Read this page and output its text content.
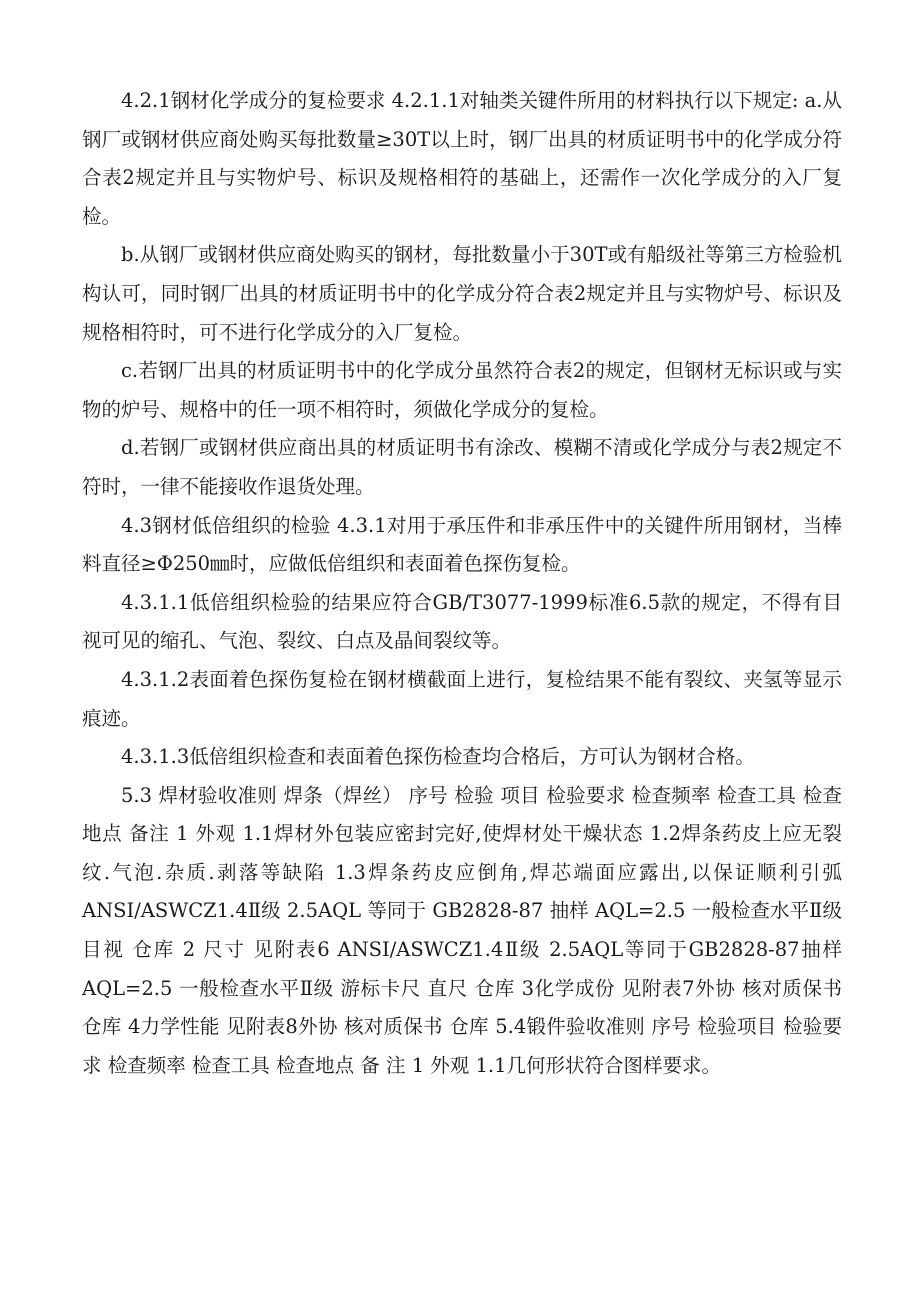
4.2.1钢材化学成分的复检要求 4.2.1.1对轴类关键件所用的材料执行以下规定: a.从钢厂或钢材供应商处购买每批数量≥30T以上时，钢厂出具的材质证明书中的化学成分符合表2规定并且与实物炉号、标识及规格相符的基础上，还需作一次化学成分的入厂复检。

b.从钢厂或钢材供应商处购买的钢材，每批数量小于30T或有船级社等第三方检验机构认可，同时钢厂出具的材质证明书中的化学成分符合表2规定并且与实物炉号、标识及规格相符时，可不进行化学成分的入厂复检。

c.若钢厂出具的材质证明书中的化学成分虽然符合表2的规定，但钢材无标识或与实物的炉号、规格中的任一项不相符时，须做化学成分的复检。

d.若钢厂或钢材供应商出具的材质证明书有涂改、模糊不清或化学成分与表2规定不符时，一律不能接收作退货处理。

4.3钢材低倍组织的检验 4.3.1对用于承压件和非承压件中的关键件所用钢材，当棒料直径≥Φ250㎜时，应做低倍组织和表面着色探伤复检。

4.3.1.1低倍组织检验的结果应符合GB/T3077-1999标准6.5款的规定，不得有目视可见的缩孔、气泡、裂纹、白点及晶间裂纹等。

4.3.1.2表面着色探伤复检在钢材横截面上进行，复检结果不能有裂纹、夹氢等显示痕迹。

4.3.1.3低倍组织检查和表面着色探伤检查均合格后，方可认为钢材合格。

5.3 焊材验收准则 焊条（焊丝） 序号 检验 项目 检验要求 检查频率 检查工具 检查 地点 备注 1 外观 1.1焊材外包装应密封完好,使焊材处干燥状态 1.2焊条药皮上应无裂纹.气泡.杂质.剥落等缺陷 1.3焊条药皮应倒角,焊芯端面应露出,以保证顺利引弧 ANSI/ASWCZ1.4Ⅱ级 2.5AQL 等同于 GB2828-87 抽样 AQL=2.5 一般检查水平Ⅱ级 目视 仓库 2 尺寸 见附表6 ANSI/ASWCZ1.4Ⅱ级 2.5AQL等同于GB2828-87抽样 AQL=2.5 一般检查水平Ⅱ级 游标卡尺 直尺 仓库 3化学成份 见附表7外协 核对质保书 仓库 4力学性能 见附表8外协 核对质保书 仓库 5.4锻件验收准则 序号 检验项目 检验要求 检查频率 检查工具 检查地点 备 注 1 外观 1.1几何形状符合图样要求。
